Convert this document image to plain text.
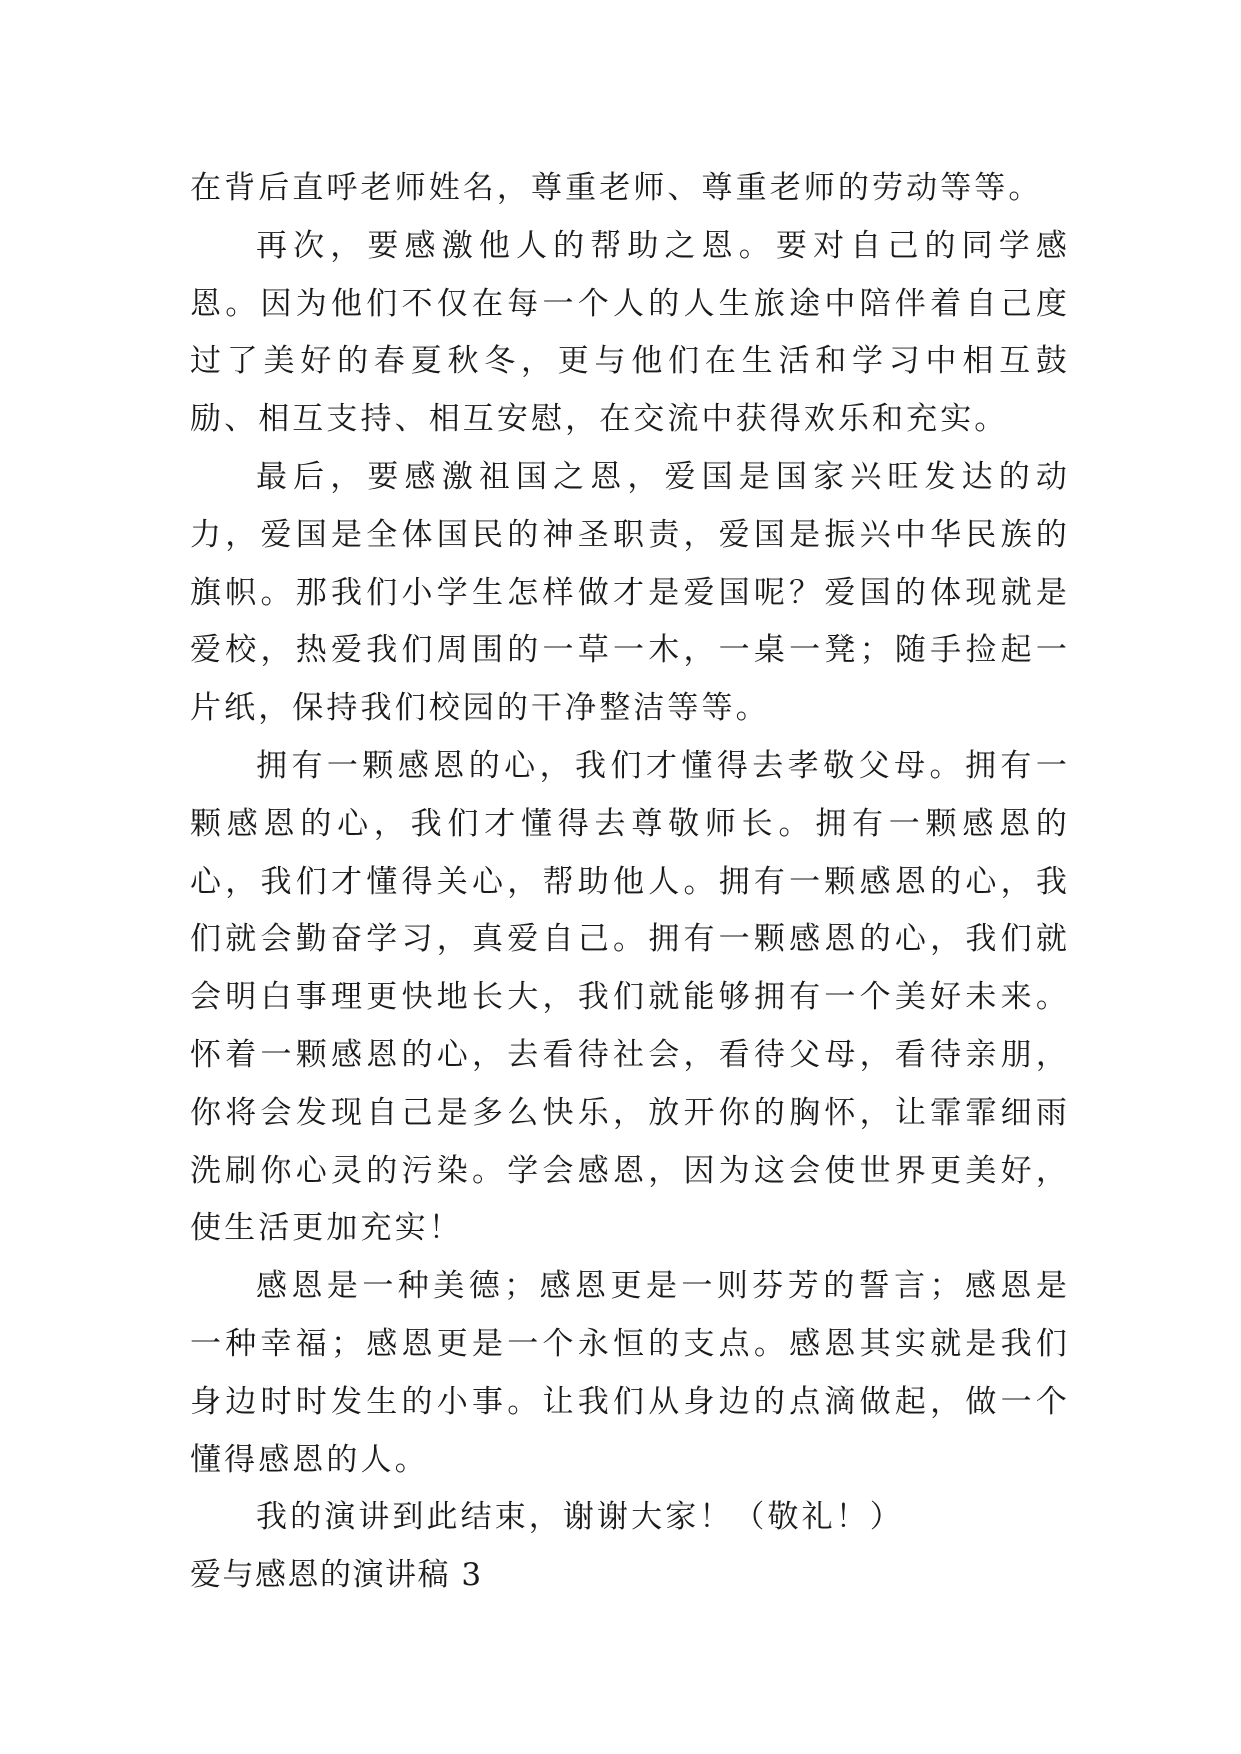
在背后直呼老师姓名，尊重老师、尊重老师的劳动等等。

再次，要感激他人的帮助之恩。要对自己的同学感恩。因为他们不仅在每一个人的人生旅途中陪伴着自己度过了美好的春夏秋冬，更与他们在生活和学习中相互鼓励、相互支持、相互安慰，在交流中获得欢乐和充实。

最后，要感激祖国之恩，爱国是国家兴旺发达的动力，爱国是全体国民的神圣职责，爱国是振兴中华民族的旗帜。那我们小学生怎样做才是爱国呢？爱国的体现就是爱校，热爱我们周围的一草一木，一桌一凳；随手捡起一片纸，保持我们校园的干净整洁等等。

拥有一颗感恩的心，我们才懂得去孝敬父母。拥有一颗感恩的心，我们才懂得去尊敬师长。拥有一颗感恩的心，我们才懂得关心，帮助他人。拥有一颗感恩的心，我们就会勤奋学习，真爱自己。拥有一颗感恩的心，我们就会明白事理更快地长大，我们就能够拥有一个美好未来。怀着一颗感恩的心，去看待社会，看待父母，看待亲朋，你将会发现自己是多么快乐，放开你的胸怀，让霏霏细雨洗刷你心灵的污染。学会感恩，因为这会使世界更美好，使生活更加充实！

感恩是一种美德；感恩更是一则芬芳的誓言；感恩是一种幸福；感恩更是一个永恒的支点。感恩其实就是我们身边时时发生的小事。让我们从身边的点滴做起，做一个懂得感恩的人。

我的演讲到此结束，谢谢大家！（敬礼！）

爱与感恩的演讲稿 3
